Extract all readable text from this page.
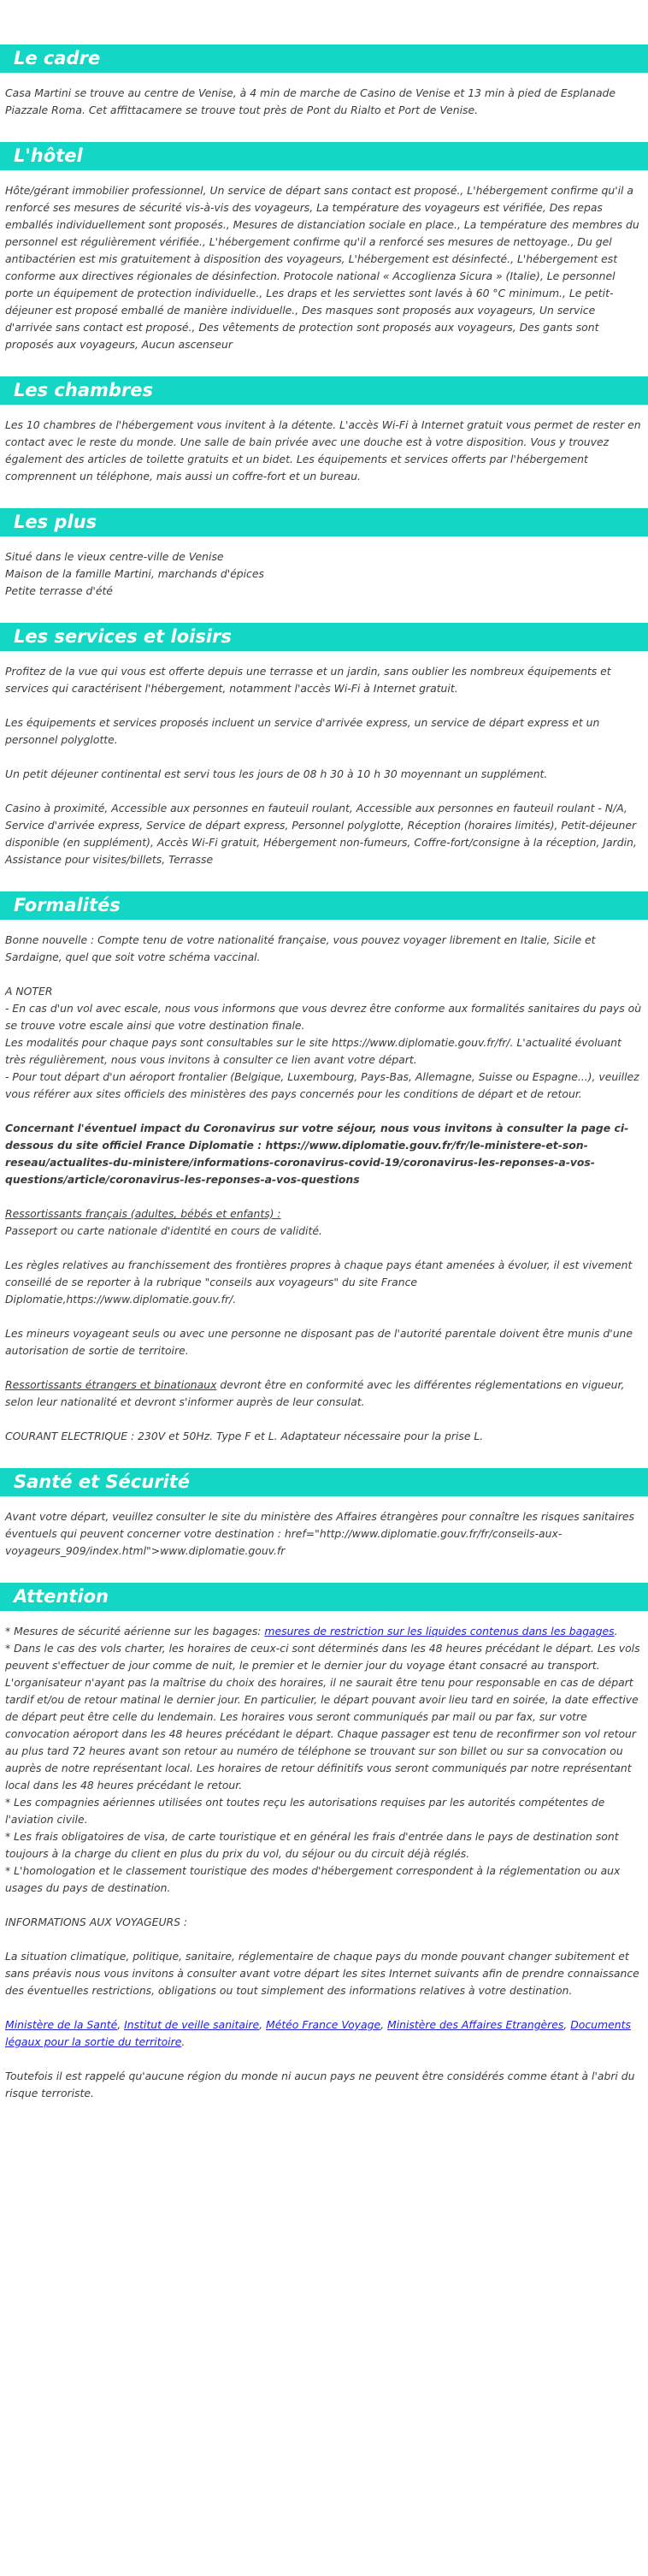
Le cadre

Casa Martini se trouve au centre de Venise, à 4 min de marche de Casino de Venise et 13 min à pied de Esplanade Piazzale Roma. Cet affittacamere se trouve tout près de Pont du Rialto et Port de Venise.

L'hôtel

Hôte/gérant immobilier professionnel, Un service de départ sans contact est proposé., L'hébergement confirme qu'il a renforcé ses mesures de sécurité vis-à-vis des voyageurs, La température des voyageurs est vérifiée, Des repas emballés individuellement sont proposés., Mesures de distanciation sociale en place., La température des membres du personnel est régulièrement vérifiée., L'hébergement confirme qu'il a renforcé ses mesures de nettoyage., Du gel antibactérien est mis gratuitement à disposition des voyageurs, L'hébergement est désinfecté., L'hébergement est conforme aux directives régionales de désinfection. Protocole national « Accoglienza Sicura » (Italie), Le personnel porte un équipement de protection individuelle., Les draps et les serviettes sont lavés à 60 °C minimum., Le petit-déjeuner est proposé emballé de manière individuelle., Des masques sont proposés aux voyageurs, Un service d'arrivée sans contact est proposé., Des vêtements de protection sont proposés aux voyageurs, Des gants sont proposés aux voyageurs, Aucun ascenseur

Les chambres

Les 10 chambres de l'hébergement vous invitent à la détente. L'accès Wi-Fi à Internet gratuit vous permet de rester en contact avec le reste du monde. Une salle de bain privée avec une douche est à votre disposition. Vous y trouvez également des articles de toilette gratuits et un bidet. Les équipements et services offerts par l'hébergement comprennent un téléphone, mais aussi un coffre-fort et un bureau.

Les plus

Situé dans le vieux centre-ville de Venise

Maison de la famille Martini, marchands d'épices

Petite terrasse d'été

Les services et loisirs

Profitez de la vue qui vous est offerte depuis une terrasse et un jardin, sans oublier les nombreux équipements et services qui caractérisent l'hébergement, notamment l'accès Wi-Fi à Internet gratuit.

Les équipements et services proposés incluent un service d'arrivée express, un service de départ express et un personnel polyglotte.

Un petit déjeuner continental est servi tous les jours de 08 h 30 à 10 h 30 moyennant un supplément.

Casino à proximité, Accessible aux personnes en fauteuil roulant, Accessible aux personnes en fauteuil roulant - N/A, Service d'arrivée express, Service de départ express, Personnel polyglotte, Réception (horaires limités), Petit-déjeuner disponible (en supplément), Accès Wi-Fi gratuit, Hébergement non-fumeurs, Coffre-fort/consigne à la réception, Jardin, Assistance pour visites/billets, Terrasse

Formalités

Bonne nouvelle : Compte tenu de votre nationalité française, vous pouvez voyager librement en Italie, Sicile et Sardaigne, quel que soit votre schéma vaccinal.

A NOTER

- En cas d'un vol avec escale, nous vous informons que vous devrez être conforme aux formalités sanitaires du pays où se trouve votre escale ainsi que votre destination finale.

Les modalités pour chaque pays sont consultables sur le site https://www.diplomatie.gouv.fr/fr/. L'actualité évoluant très régulièrement, nous vous invitons à consulter ce lien avant votre départ.

- Pour tout départ d'un aéroport frontalier (Belgique, Luxembourg, Pays-Bas, Allemagne, Suisse ou Espagne...), veuillez vous référer aux sites officiels des ministères des pays concernés pour les conditions de départ et de retour.

Concernant l'éventuel impact du Coronavirus sur votre séjour, nous vous invitons à consulter la page ci-dessous du site officiel France Diplomatie : https://www.diplomatie.gouv.fr/fr/le-ministere-et-son-reseau/actualites-du-ministere/informations-coronavirus-covid-19/coronavirus-les-reponses-a-vos-questions/article/coronavirus-les-reponses-a-vos-questions

Ressortissants français (adultes, bébés et enfants) :

Passeport ou carte nationale d'identité en cours de validité.

Les règles relatives au franchissement des frontières propres à chaque pays étant amenées à évoluer, il est vivement conseillé de se reporter à la rubrique "conseils aux voyageurs" du site France Diplomatie,https://www.diplomatie.gouv.fr/.

Les mineurs voyageant seuls ou avec une personne ne disposant pas de l'autorité parentale doivent être munis d'une autorisation de sortie de territoire.

Ressortissants étrangers et binationaux devront être en conformité avec les différentes réglementations en vigueur, selon leur nationalité et devront s'informer auprès de leur consulat.

COURANT ELECTRIQUE : 230V et 50Hz. Type F et L. Adaptateur nécessaire pour la prise L.

Santé et Sécurité

Avant votre départ, veuillez consulter le site du ministère des Affaires étrangères pour connaître les risques sanitaires éventuels qui peuvent concerner votre destination : href="http://www.diplomatie.gouv.fr/fr/conseils-aux-voyageurs_909/index.html">www.diplomatie.gouv.fr

Attention

* Mesures de sécurité aérienne sur les bagages: mesures de restriction sur les liquides contenus dans les bagages.

* Dans le cas des vols charter, les horaires de ceux-ci sont déterminés dans les 48 heures précédant le départ. Les vols peuvent s'effectuer de jour comme de nuit, le premier et le dernier jour du voyage étant consacré au transport. L'organisateur n'ayant pas la maîtrise du choix des horaires, il ne saurait être tenu pour responsable en cas de départ tardif et/ou de retour matinal le dernier jour. En particulier, le départ pouvant avoir lieu tard en soirée, la date effective de départ peut être celle du lendemain. Les horaires vous seront communiqués par mail ou par fax, sur votre convocation aéroport dans les 48 heures précédant le départ. Chaque passager est tenu de reconfirmer son vol retour au plus tard 72 heures avant son retour au numéro de téléphone se trouvant sur son billet ou sur sa convocation ou auprès de notre représentant local. Les horaires de retour définitifs vous seront communiqués par notre représentant local dans les 48 heures précédant le retour.

* Les compagnies aériennes utilisées ont toutes reçu les autorisations requises par les autorités compétentes de l'aviation civile.

* Les frais obligatoires de visa, de carte touristique et en général les frais d'entrée dans le pays de destination sont toujours à la charge du client en plus du prix du vol, du séjour ou du circuit déjà réglés.

* L'homologation et le classement touristique des modes d'hébergement correspondent à la réglementation ou aux usages du pays de destination.

INFORMATIONS AUX VOYAGEURS :

La situation climatique, politique, sanitaire, réglementaire de chaque pays du monde pouvant changer subitement et sans préavis nous vous invitons à consulter avant votre départ les sites Internet suivants afin de prendre connaissance des éventuelles restrictions, obligations ou tout simplement des informations relatives à votre destination.

Ministère de la Santé, Institut de veille sanitaire, Météo France Voyage, Ministère des Affaires Etrangères, Documents légaux pour la sortie du territoire.

Toutefois il est rappelé qu'aucune région du monde ni aucun pays ne peuvent être considérés comme étant à l'abri du risque terroriste.
